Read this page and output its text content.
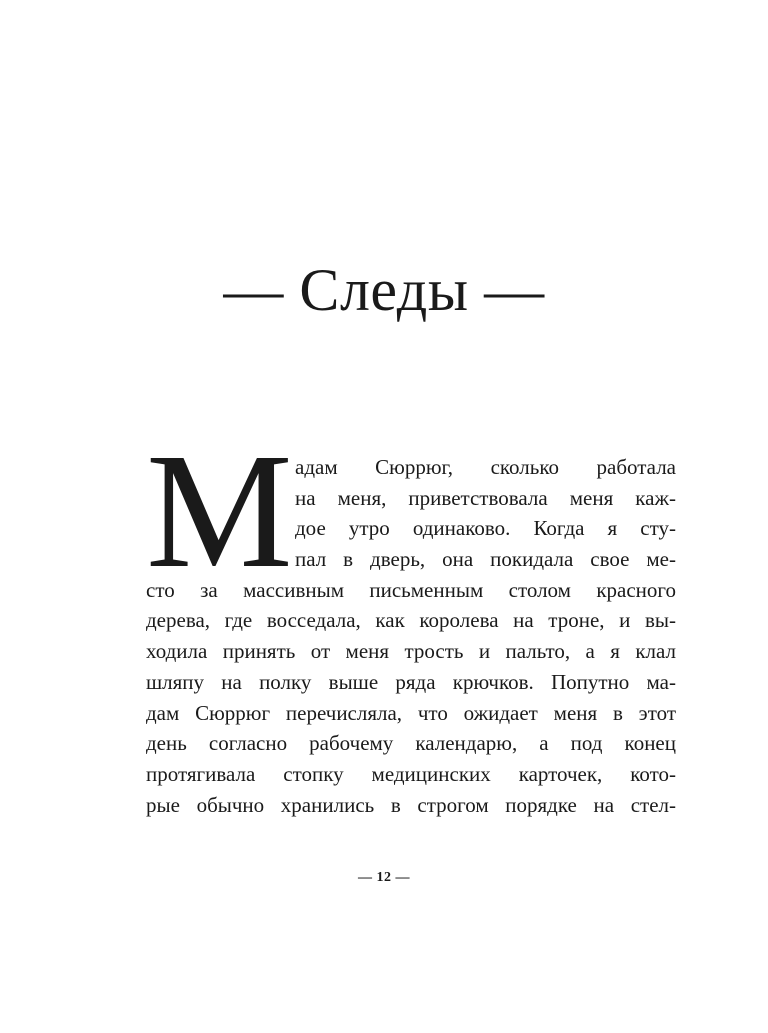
— Следы —
М адам Сюррюг, сколько работала
на меня, приветствовала меня каж-
дое утро одинаково. Когда я сту-
пал в дверь, она покидала свое ме-
сто за массивным письменным столом красного
дерева, где восседала, как королева на троне, и вы-
ходила принять от меня трость и пальто, а я клал
шляпу на полку выше ряда крючков. Попутно ма-
дам Сюррюг перечисляла, что ожидает меня в этот
день согласно рабочему календарю, а под конец
протягивала стопку медицинских карточек, кото-
рые обычно хранились в строгом порядке на стел-
— 12 —
